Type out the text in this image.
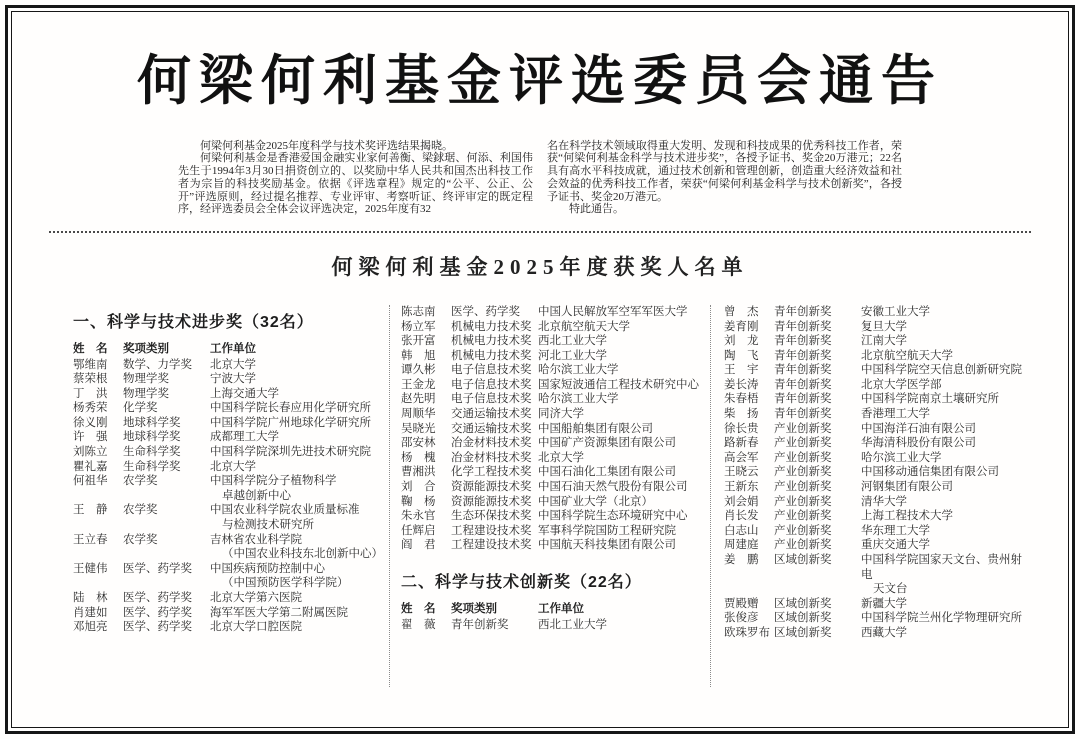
何梁何利基金评选委员会通告

何梁何利基金2025年度科学与技术奖评选结果揭晓。

何梁何利基金是香港爱国金融实业家何善衡、梁銶琚、何添、利国伟先生于1994年3月30日捐资创立的、以奖励中华人民共和国杰出科技工作者为宗旨的科技奖励基金。依据《评选章程》规定的“公平、公正、公开”评选原则，经过提名推荐、专业评审、考察听证、终评审定的既定程序，经评选委员会全体会议评选决定，2025年度有32

名在科学技术领域取得重大发明、发现和科技成果的优秀科技工作者，荣获“何梁何利基金科学与技术进步奖”，各授予证书、奖金20万港元；22名具有高水平科技成就，通过技术创新和管理创新，创造重大经济效益和社会效益的优秀科技工作者，荣获“何梁何利基金科学与技术创新奖”，各授予证书、奖金20万港元。

特此通告。

何梁何利基金2025年度获奖人名单
一、科学与技术进步奖（32名）
姓　名	奖项类别	工作单位
鄂维南	数学、力学奖	北京大学
蔡荣根	物理学奖	宁波大学
丁　洪	物理学奖	上海交通大学
杨秀荣	化学奖	中国科学院长春应用化学研究所
徐义刚	地球科学奖	中国科学院广州地球化学研究所
许　强	地球科学奖	成都理工大学
刘陈立	生命科学奖	中国科学院深圳先进技术研究院
瞿礼嘉	生命科学奖	北京大学
何祖华	农学奖	中国科学院分子植物科学
卓越创新中心
王　静	农学奖	中国农业科学院农业质量标准
与检测技术研究所
王立春	农学奖	吉林省农业科学院
（中国农业科技东北创新中心）
王健伟	医学、药学奖	中国疾病预防控制中心
（中国预防医学科学院）
陆　林	医学、药学奖	北京大学第六医院
肖建如	医学、药学奖	海军军医大学第二附属医院
邓旭亮	医学、药学奖	北京大学口腔医院
陈志南	医学、药学奖	中国人民解放军空军军医大学
杨立军	机械电力技术奖 北京航空航天大学
张开富	机械电力技术奖 西北工业大学
韩　旭	机械电力技术奖 河北工业大学
谭久彬	电子信息技术奖 哈尔滨工业大学
王金龙	电子信息技术奖 国家短波通信工程技术研究中心
赵先明	电子信息技术奖 哈尔滨工业大学
周顺华	交通运输技术奖 同济大学
吴晓光	交通运输技术奖 中国船舶集团有限公司
邵安林	冶金材料技术奖 中国矿产资源集团有限公司
杨　槐	冶金材料技术奖 北京大学
曹湘洪	化学工程技术奖 中国石油化工集团有限公司
刘　合	资源能源技术奖 中国石油天然气股份有限公司
鞠　杨	资源能源技术奖 中国矿业大学（北京）
朱永官	生态环保技术奖 中国科学院生态环境研究中心
任辉启	工程建设技术奖 军事科学院国防工程研究院
阎　君	工程建设技术奖 中国航天科技集团有限公司
二、科学与技术创新奖（22名）
姓　名	奖项类别	工作单位
翟　薇	青年创新奖	西北工业大学
曾　杰	青年创新奖	安徽工业大学
姜育刚	青年创新奖	复旦大学
刘　龙	青年创新奖	江南大学
陶　飞	青年创新奖	北京航空航天大学
王　宇	青年创新奖	中国科学院空天信息创新研究院
姜长涛	青年创新奖	北京大学医学部
朱春梧	青年创新奖	中国科学院南京土壤研究所
柴　扬	青年创新奖	香港理工大学
徐长贵	产业创新奖	中国海洋石油有限公司
路新春	产业创新奖	华海清科股份有限公司
高会军	产业创新奖	哈尔滨工业大学
王晓云	产业创新奖	中国移动通信集团有限公司
王新东	产业创新奖	河钢集团有限公司
刘会娟	产业创新奖	清华大学
肖长发	产业创新奖	上海工程技术大学
白志山	产业创新奖	华东理工大学
周建庭	产业创新奖	重庆交通大学
姜　鹏	区域创新奖	中国科学院国家天文台、贵州射电
天文台
贾殿赠	区域创新奖	新疆大学
张俊彦	区域创新奖	中国科学院兰州化学物理研究所
欧珠罗布 区域创新奖	西藏大学
